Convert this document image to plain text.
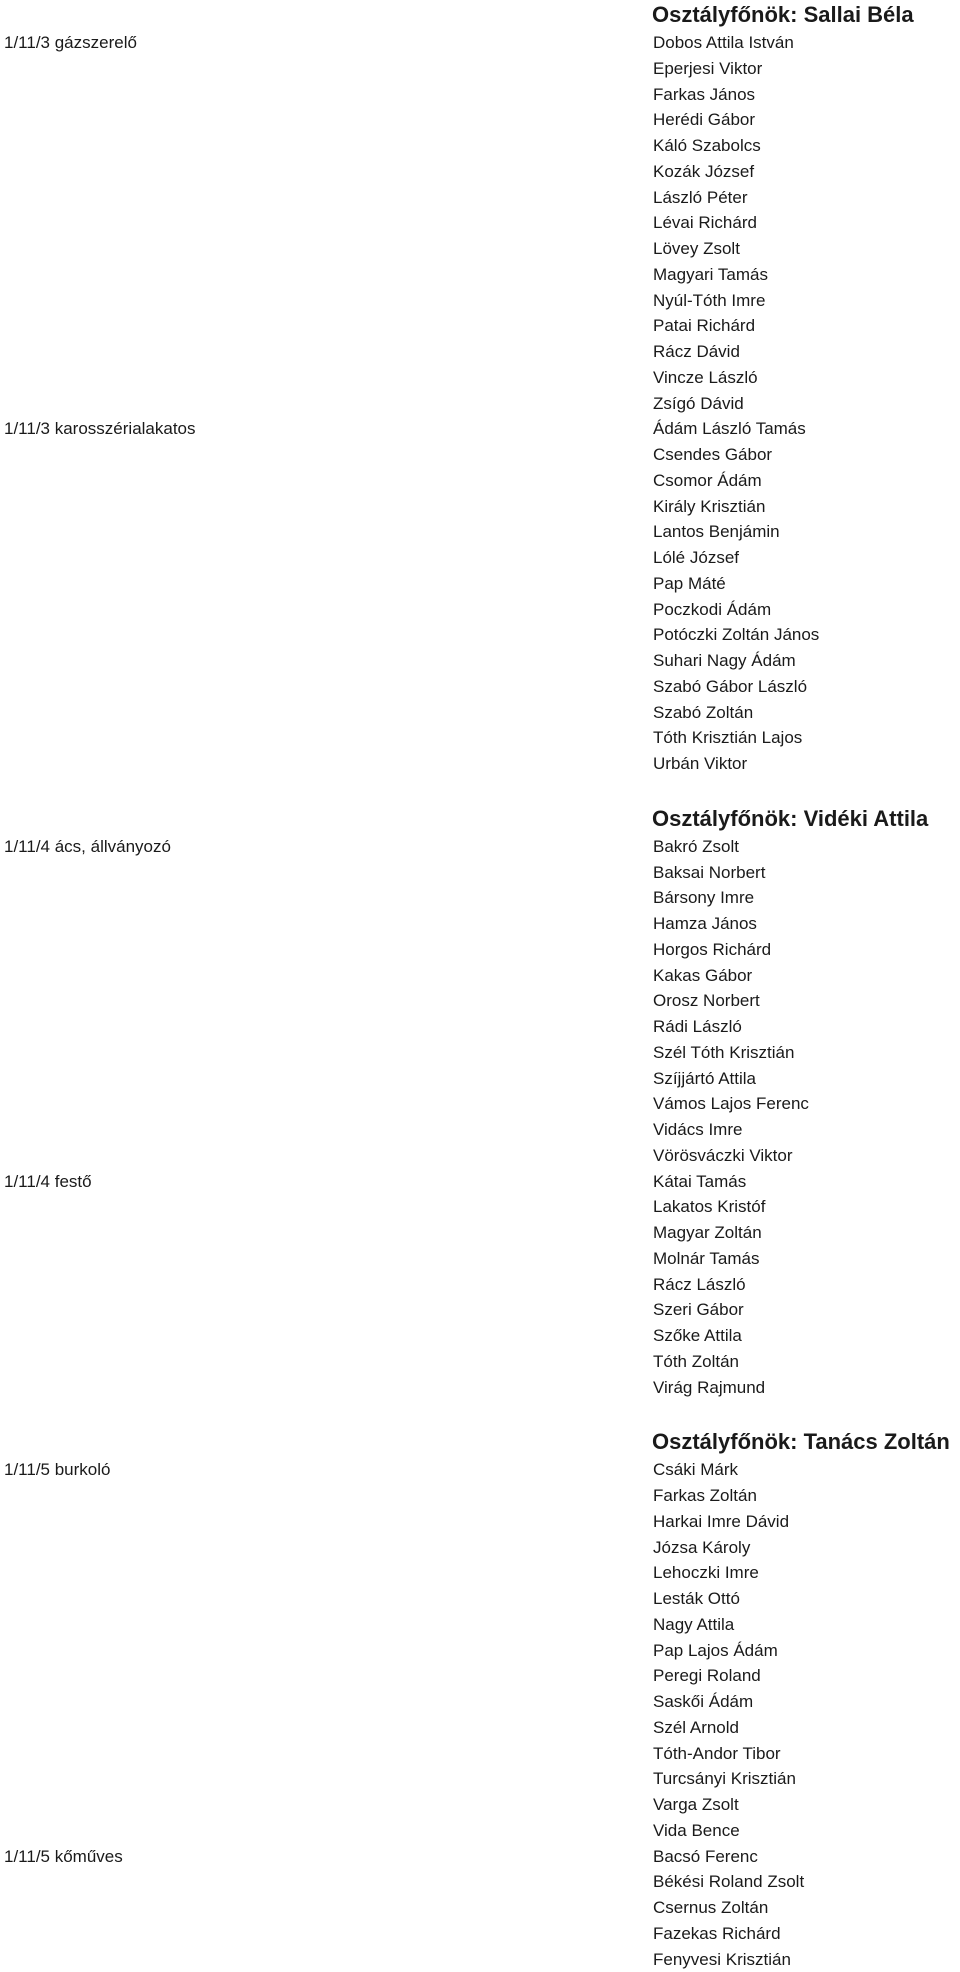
Osztályfőnök: Sallai Béla
1/11/3 gázszerelő	Dobos Attila István
Eperjesi Viktor
Farkas János
Herédi Gábor
Káló Szabolcs
Kozák József
László Péter
Lévai Richárd
Lövey Zsolt
Magyari Tamás
Nyúl-Tóth Imre
Patai Richárd
Rácz Dávid
Vincze László
Zsígó Dávid
1/11/3 karosszérialakatos	Ádám László Tamás
Csendes Gábor
Csomor Ádám
Király Krisztián
Lantos Benjámin
Lólé József
Pap Máté
Poczkodi Ádám
Potóczki Zoltán János
Suhari Nagy Ádám
Szabó Gábor László
Szabó Zoltán
Tóth Krisztián Lajos
Urbán Viktor
Osztályfőnök: Vidéki Attila
1/11/4 ács, állványozó	Bakró Zsolt
Baksai Norbert
Bársony Imre
Hamza János
Horgos Richárd
Kakas Gábor
Orosz Norbert
Rádi László
Szél Tóth Krisztián
Szíjjártó Attila
Vámos Lajos Ferenc
Vidács Imre
Vörösváczki Viktor
1/11/4 festő	Kátai Tamás
Lakatos Kristóf
Magyar Zoltán
Molnár Tamás
Rácz László
Szeri Gábor
Szőke Attila
Tóth Zoltán
Virág Rajmund
Osztályfőnök: Tanács Zoltán
1/11/5 burkoló	Csáki Márk
Farkas Zoltán
Harkai Imre Dávid
Józsa Károly
Lehoczki Imre
Lesták Ottó
Nagy Attila
Pap Lajos Ádám
Peregi Roland
Saskői Ádám
Szél Arnold
Tóth-Andor Tibor
Turcsányi Krisztián
Varga Zsolt
Vida Bence
1/11/5 kőműves	Bacsó Ferenc
Békési Roland Zsolt
Csernus Zoltán
Fazekas Richárd
Fenyvesi Krisztián
